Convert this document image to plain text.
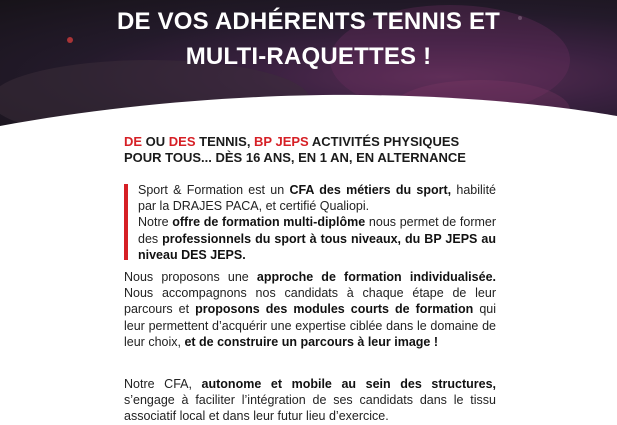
DE VOS ADHÉRENTS TENNIS ET
MULTI-RAQUETTES !

DE OU DES TENNIS, BP JEPS ACTIVITÉS PHYSIQUES
POUR TOUS... DÈS 16 ANS, EN 1 AN, EN ALTERNANCE

Sport & Formation est un CFA des métiers du sport, habilité par la DRAJES PACA, et certifié Qualiopi.
Notre offre de formation multi-diplôme nous permet de former des professionnels du sport à tous niveaux, du BP JEPS au niveau DES JEPS.

Nous proposons une approche de formation individualisée. Nous accompagnons nos candidats à chaque étape de leur parcours et proposons des modules courts de formation qui leur permettent d’acquérir une expertise ciblée dans le domaine de leur choix, et de construire un parcours à leur image !

Notre CFA, autonome et mobile au sein des structures, s’engage à faciliter l’intégration de ses candidats dans le tissu associatif local et dans leur futur lieu d’exercice.
